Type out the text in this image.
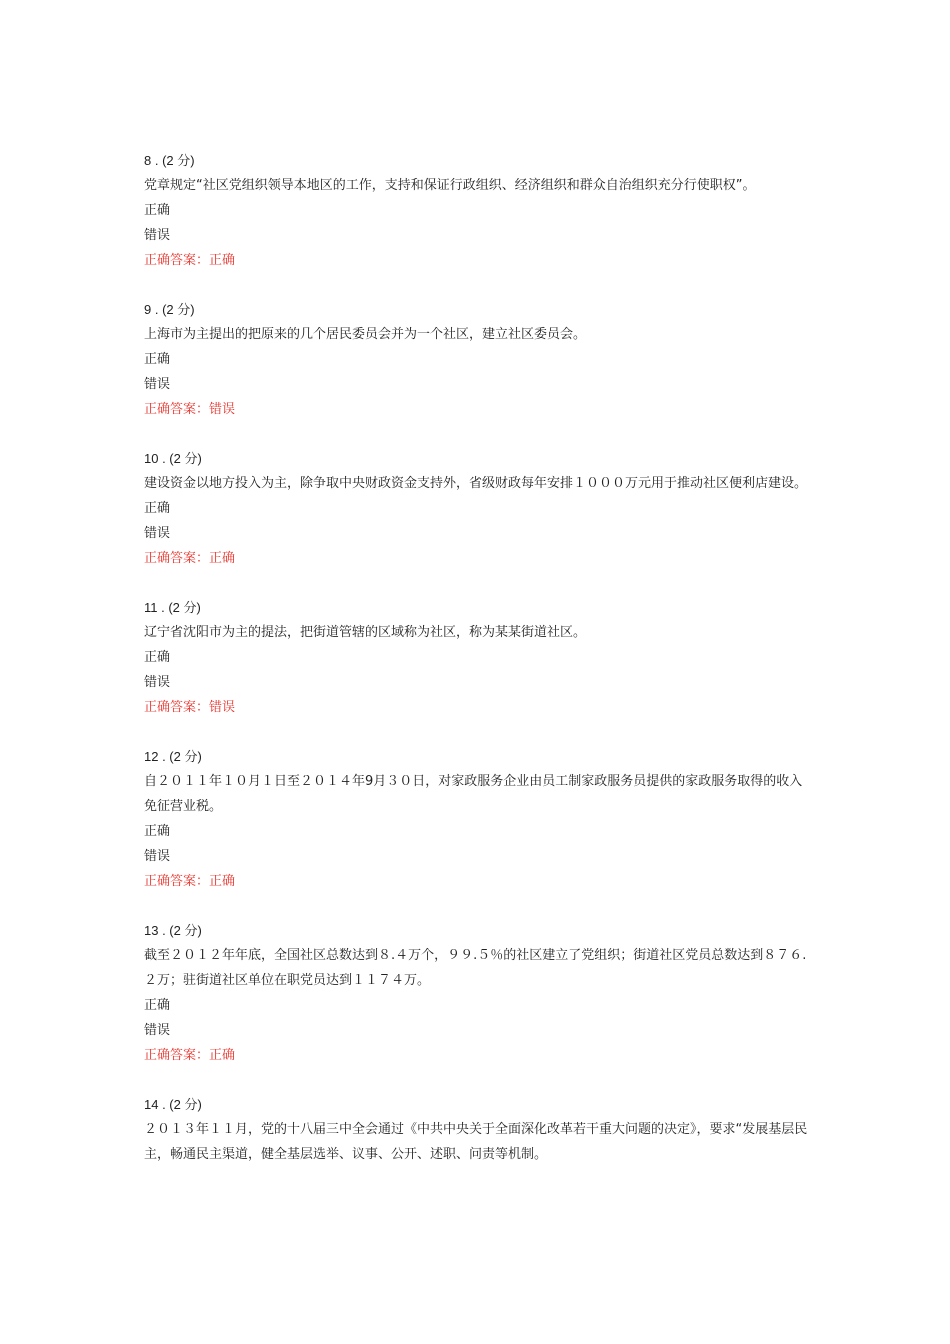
8 . (2 分)
党章规定“社区党组织领导本地区的工作，支持和保证行政组织、经济组织和群众自治组织充分行使职权”。
正确
错误
正确答案：正确
9 . (2 分)
上海市为主提出的把原来的几个居民委员会并为一个社区，建立社区委员会。
正确
错误
正确答案：错误
10 . (2 分)
建设资金以地方投入为主，除争取中央财政资金支持外，省级财政每年安排１０００万元用于推动社区便利店建设。
正确
错误
正确答案：正确
11 . (2 分)
辽宁省沈阳市为主的提法，把街道管辖的区域称为社区，称为某某街道社区。
正确
错误
正确答案：错误
12 . (2 分)
自２０１１年１０月１日至２０１４年9月３０日，对家政服务企业由员工制家政服务员提供的家政服务取得的收入免征营业税。
正确
错误
正确答案：正确
13 . (2 分)
截至２０１２年年底，全国社区总数达到８.４万个，９９.５％的社区建立了党组织；街道社区党员总数达到８７６.２万；驻街道社区单位在职党员达到１１７４万。
正确
错误
正确答案：正确
14 . (2 分)
２０１３年１１月，党的十八届三中全会通过《中共中央关于全面深化改革若干重大问题的决定》，要求“发展基层民主，畅通民主渠道，健全基层选举、议事、公开、述职、问责等机制。
